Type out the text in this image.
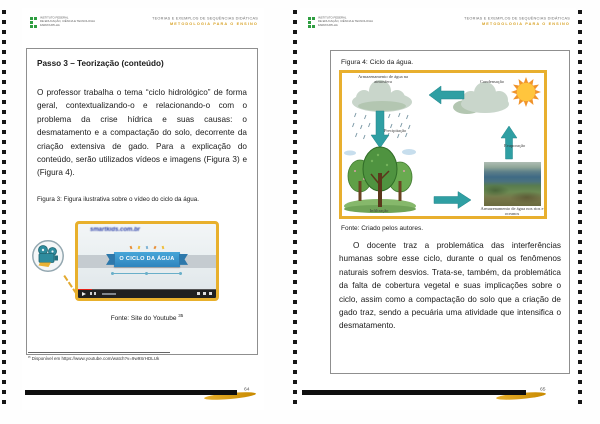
INSTITUTO FEDERAL
DE EDUCAÇÃO, CIÊNCIA E TECNOLOGIA
FARROUPILHA
TEORIAS E EXEMPLOS DE SEQUÊNCIAS DIDÁTICAS
METODOLOGIA PARA O ENSINO
Passo 3 – Teorização (conteúdo)
O professor trabalha o tema “ciclo hidrológico” de forma geral, contextualizando-o e relacionando-o com o problema da crise hídrica e suas causas: o desmatamento e a compactação do solo, decorrente da criação extensiva de gado. Para a explicação do conteúdo, serão utilizados vídeos e imagens (Figura 3) e (Figura 4).
Figura 3: Figura ilustrativa sobre o vídeo do ciclo da água.
smartkids.com.br
O CICLO DA ÁGUA
Fonte: Site do Youtube $^{35}$
$^{35}$ Disponível em https://www.youtube.com/watch?v=9w9SrHDLUk
64
INSTITUTO FEDERAL
DE EDUCAÇÃO, CIÊNCIA E TECNOLOGIA
FARROUPILHA
TEORIAS E EXEMPLOS DE SEQUÊNCIAS DIDÁTICAS
METODOLOGIA PARA O ENSINO
Figura 4: Ciclo da água.
Armazenamento de água na atmosfera	Condensação
Precipitação
Evaporação
Infiltração	Armazenamento de água nos rios e oceanos
Fonte: Criado pelos autores.
O docente traz a problemática das interferências humanas sobre esse ciclo, durante o qual os fenômenos naturais sofrem desvios. Trata-se, também, da problemática da falta de cobertura vegetal e suas implicações sobre o ciclo, assim como a compactação do solo que a criação de gado traz, sendo a pecuária uma atividade que intensifica o desmatamento.
65
